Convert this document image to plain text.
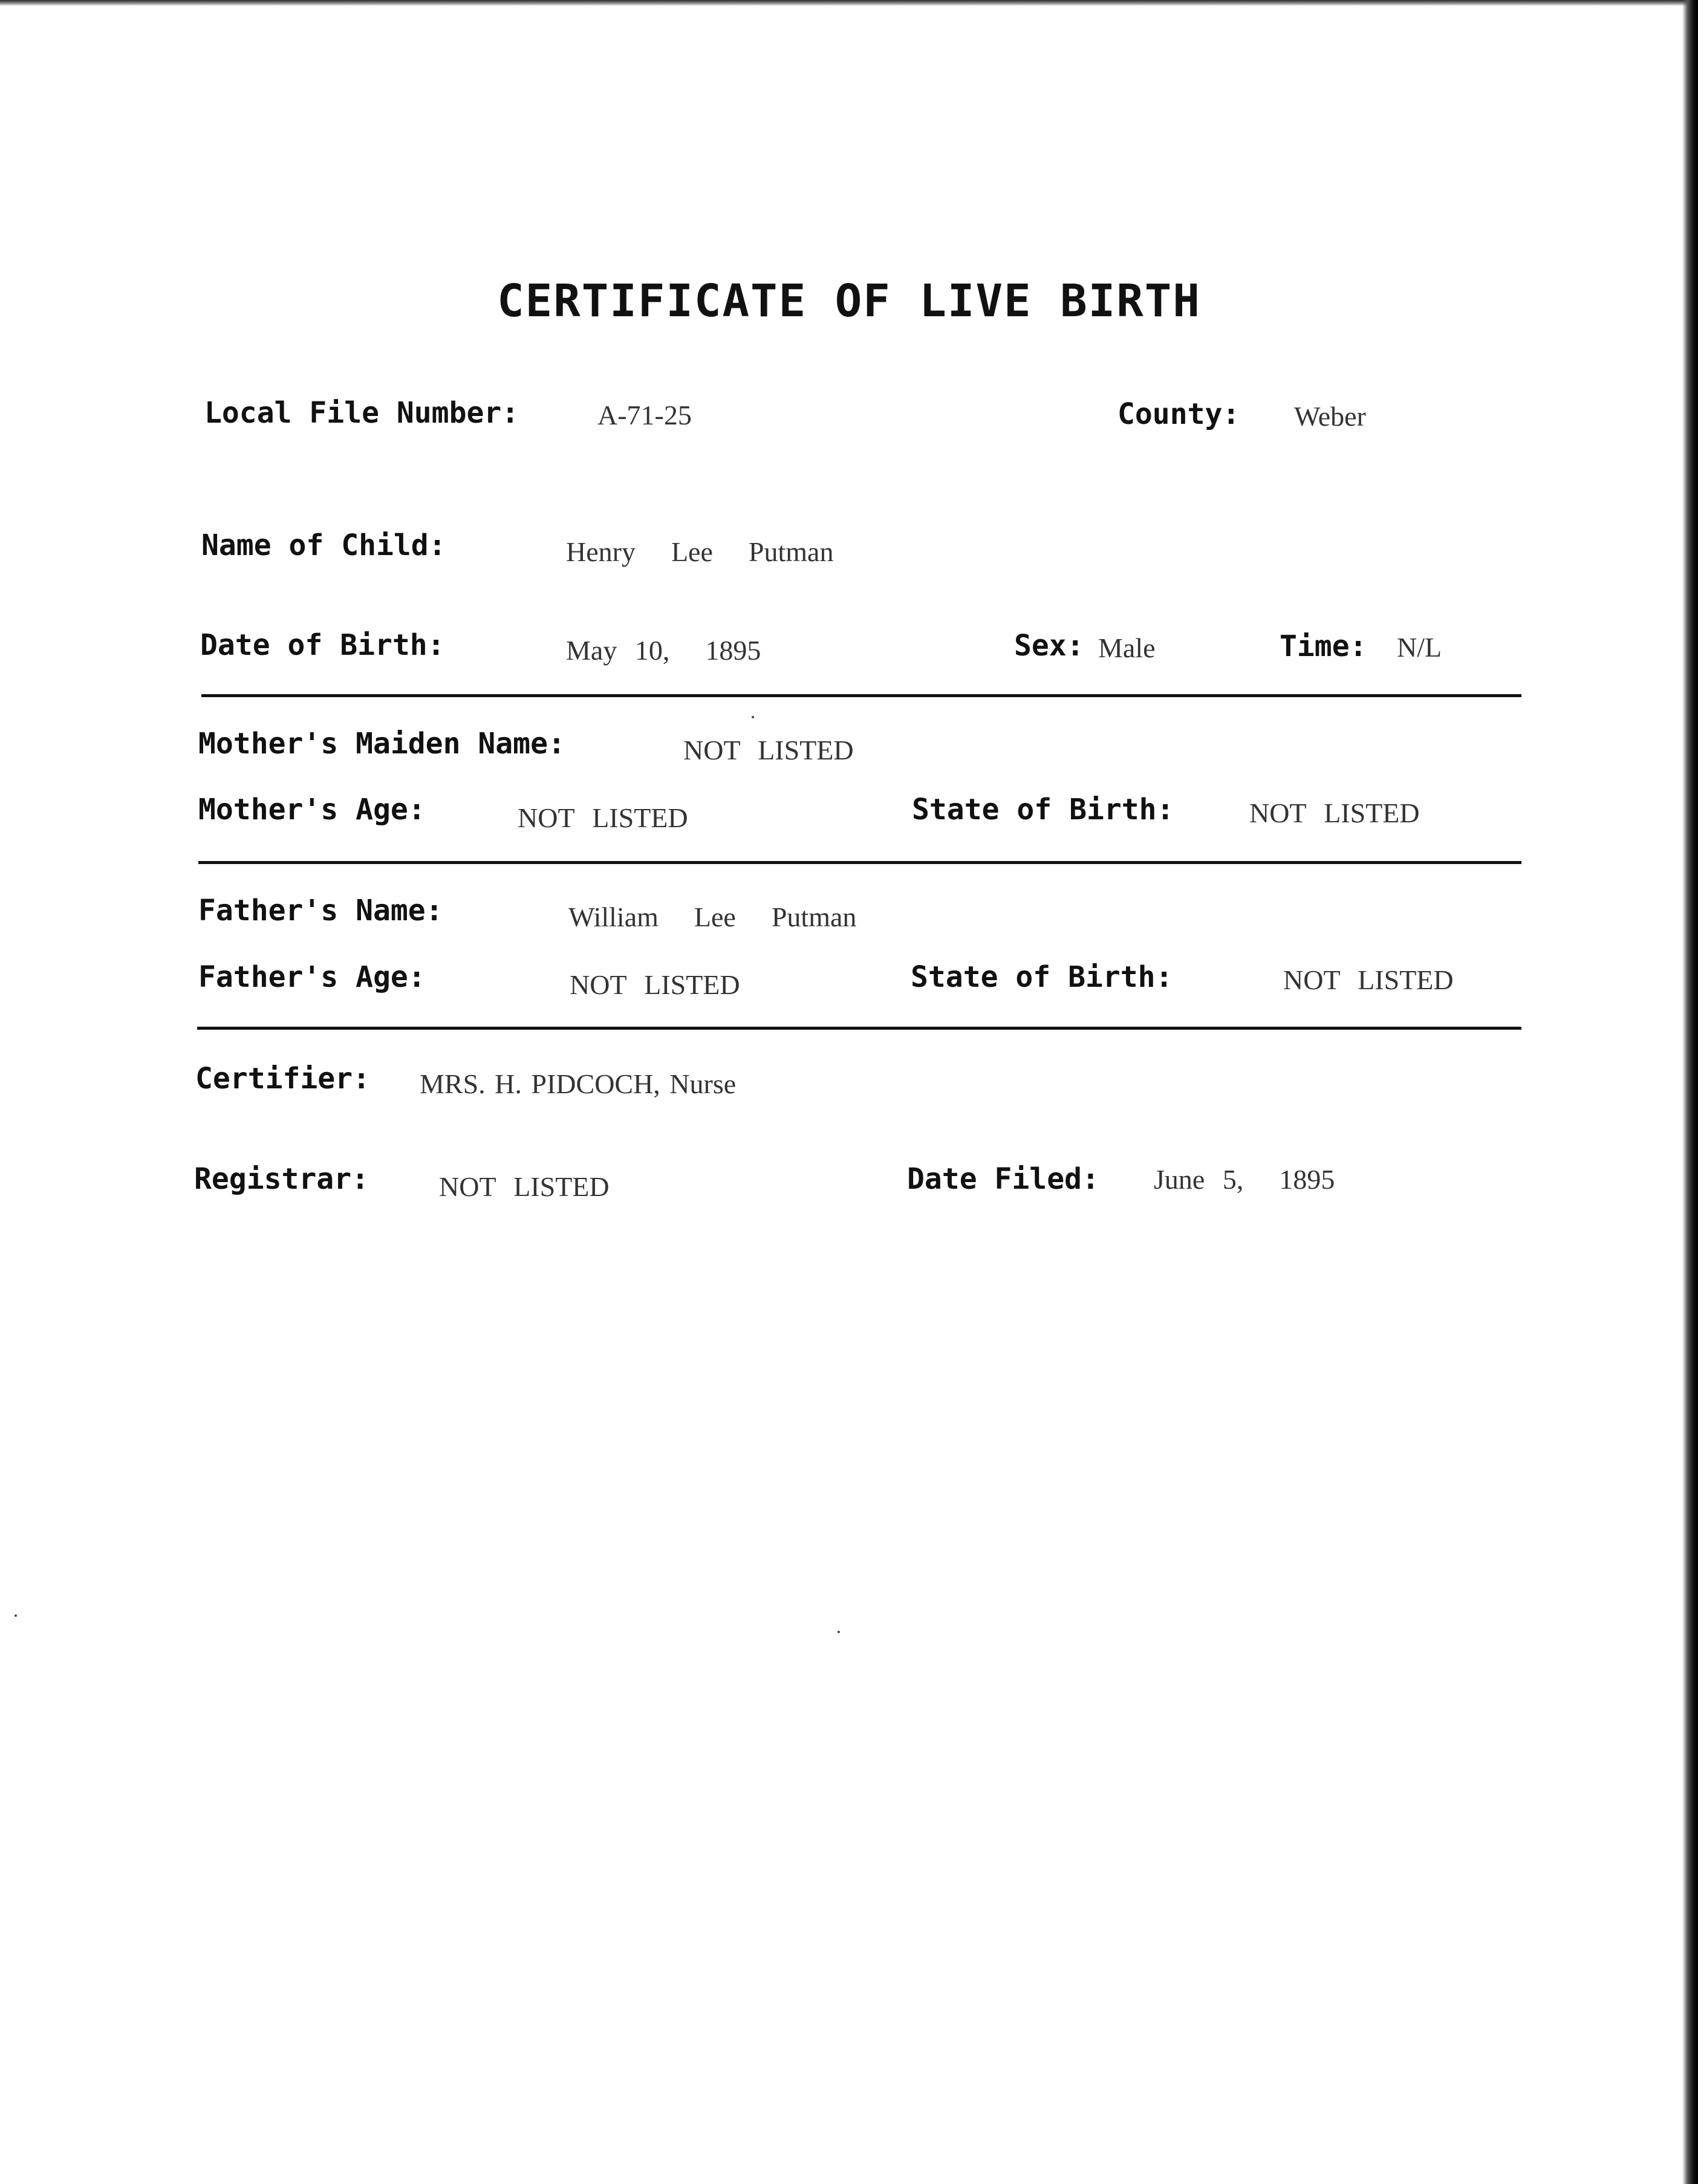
CERTIFICATE OF LIVE BIRTH
Local File Number:	A-71-25	County: Weber
Name of Child:	Henry  Lee  Putman
Date of Birth:	May 10,  1895	Sex: Male	Time: N/L
Mother's Maiden Name:	NOT LISTED
Mother's Age:	NOT LISTED	State of Birth:	NOT LISTED
Father's Name:	William  Lee  Putman
Father's Age:	NOT LISTED	State of Birth:	NOT LISTED
Certifier: MRS. H. PIDCOCH, Nurse
Registrar:	NOT LISTED	Date Filed: June 5,  1895
